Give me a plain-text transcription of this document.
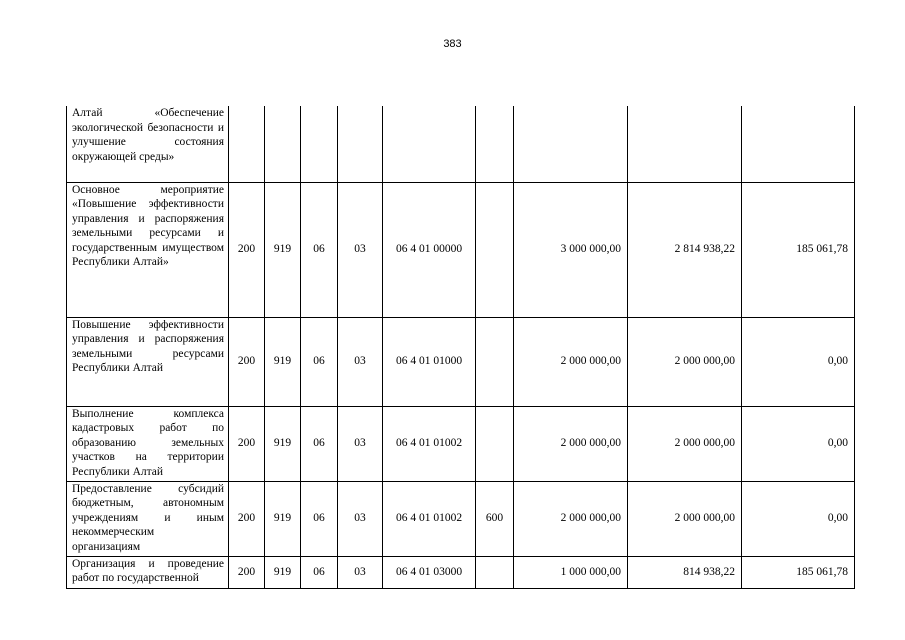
383
Алтай «Обеспечение экологической безопасности и улучшение состояния окружающей среды»									
Основное мероприятие «Повышение эффективности управления и распоряжения земельными ресурсами и государственным имуществом Республики Алтай»	200	919	06	03	06 4 01 00000		3 000 000,00	2 814 938,22	185 061,78
Повышение эффективности управления и распоряжения земельными ресурсами Республики Алтай	200	919	06	03	06 4 01 01000		2 000 000,00	2 000 000,00	0,00
Выполнение комплекса кадастровых работ по образованию земельных участков на территории Республики Алтай	200	919	06	03	06 4 01 01002		2 000 000,00	2 000 000,00	0,00
Предоставление субсидий бюджетным, автономным учреждениям и иным некоммерческим организациям	200	919	06	03	06 4 01 01002	600	2 000 000,00	2 000 000,00	0,00
Организация и проведение работ по государственной	200	919	06	03	06 4 01 03000		1 000 000,00	814 938,22	185 061,78
